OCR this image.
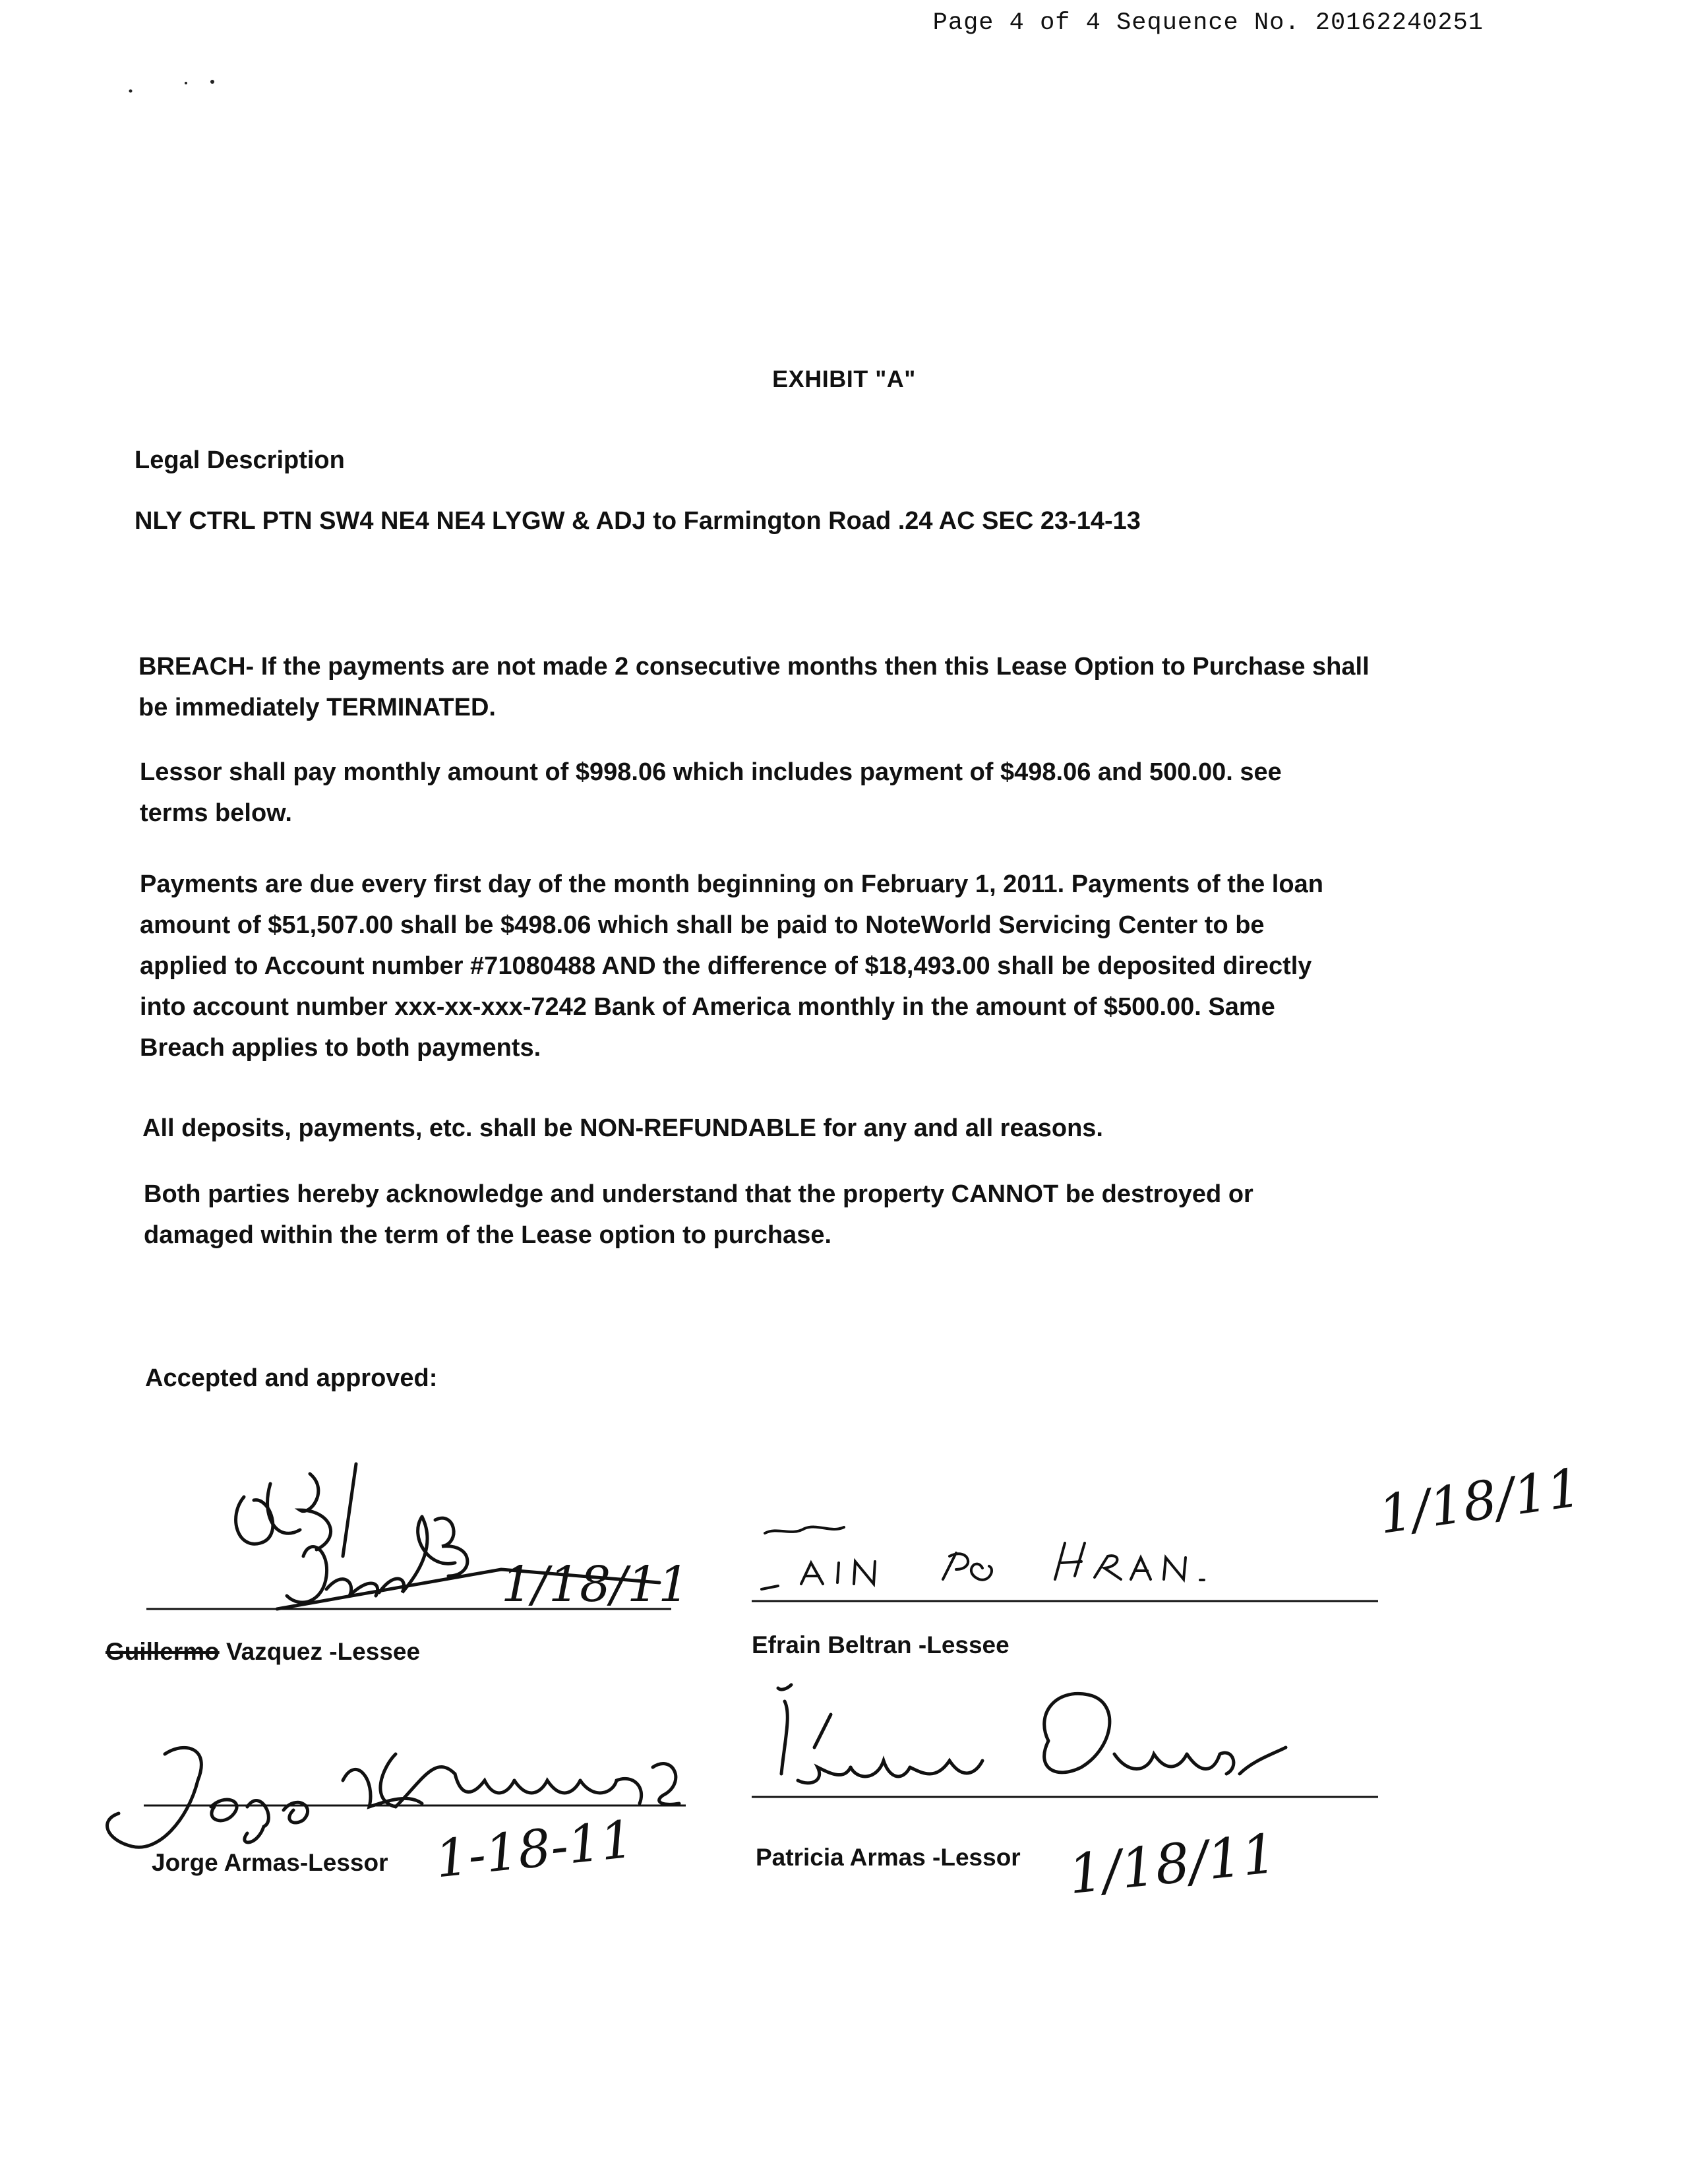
Page 4 of 4 Sequence No. 20162240251
EXHIBIT "A"
Legal Description
NLY CTRL PTN SW4 NE4 NE4 LYGW & ADJ to Farmington Road .24 AC SEC 23-14-13
BREACH- If the payments are not made 2 consecutive months then this Lease Option to Purchase shall
be immediately TERMINATED.
Lessor shall pay monthly amount of $998.06 which includes payment of $498.06 and 500.00. see
terms below.
Payments are due every first day of the month beginning on February 1, 2011. Payments of the loan
amount of $51,507.00 shall be $498.06 which shall be paid to NoteWorld Servicing Center to be
applied to Account number #71080488 AND the difference of $18,493.00 shall be deposited directly
into account number xxx-xx-xxx-7242 Bank of America monthly in the amount of $500.00. Same
Breach applies to both payments.
All deposits, payments, etc. shall be NON-REFUNDABLE for any and all reasons.
Both parties hereby acknowledge and understand that the property CANNOT be destroyed or
damaged within the term of the Lease option to purchase.
Accepted and approved:
1/18/11
1/18/11
1-18-11	1/18/11
Guillermo Vazquez -Lessee	Efrain Beltran -Lessee
Jorge Armas-Lessor	Patricia Armas -Lessor
